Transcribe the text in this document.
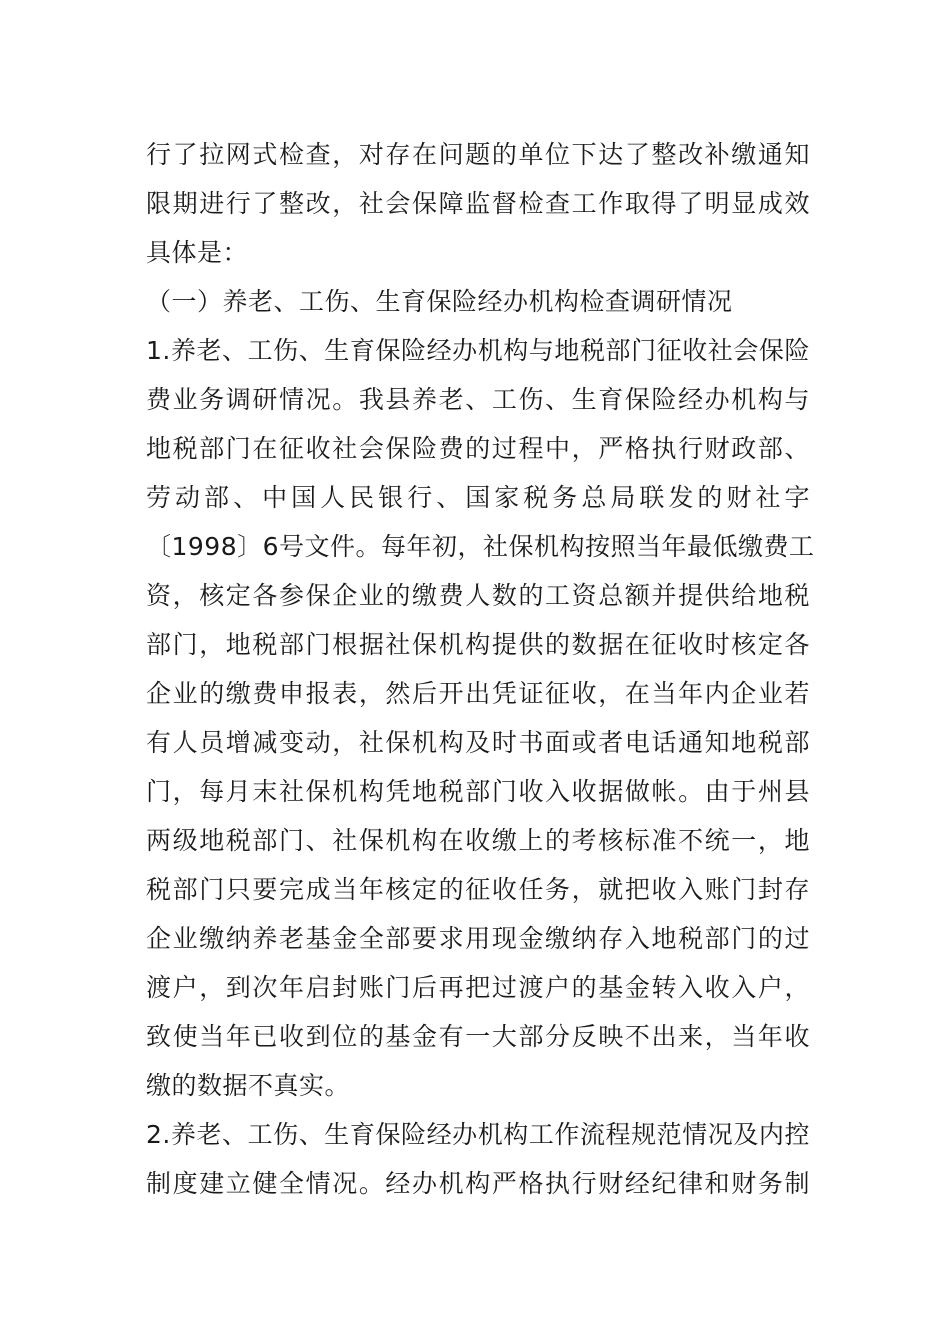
行了拉网式检查，对存在问题的单位下达了整改补缴通知
限期进行了整改，社会保障监督检查工作取得了明显成效
具体是：
（一）养老、工伤、生育保险经办机构检查调研情况
1.养老、工伤、生育保险经办机构与地税部门征收社会保险
费业务调研情况。我县养老、工伤、生育保险经办机构与
地税部门在征收社会保险费的过程中，严格执行财政部、
劳动部、中国人民银行、国家税务总局联发的财社字
〔1998〕6号文件。每年初，社保机构按照当年最低缴费工
资，核定各参保企业的缴费人数的工资总额并提供给地税
部门，地税部门根据社保机构提供的数据在征收时核定各
企业的缴费申报表，然后开出凭证征收，在当年内企业若
有人员增减变动，社保机构及时书面或者电话通知地税部
门，每月末社保机构凭地税部门收入收据做帐。由于州县
两级地税部门、社保机构在收缴上的考核标准不统一，地
税部门只要完成当年核定的征收任务，就把收入账门封存
企业缴纳养老基金全部要求用现金缴纳存入地税部门的过
渡户，到次年启封账门后再把过渡户的基金转入收入户，
致使当年已收到位的基金有一大部分反映不出来，当年收
缴的数据不真实。
2.养老、工伤、生育保险经办机构工作流程规范情况及内控
制度建立健全情况。经办机构严格执行财经纪律和财务制
